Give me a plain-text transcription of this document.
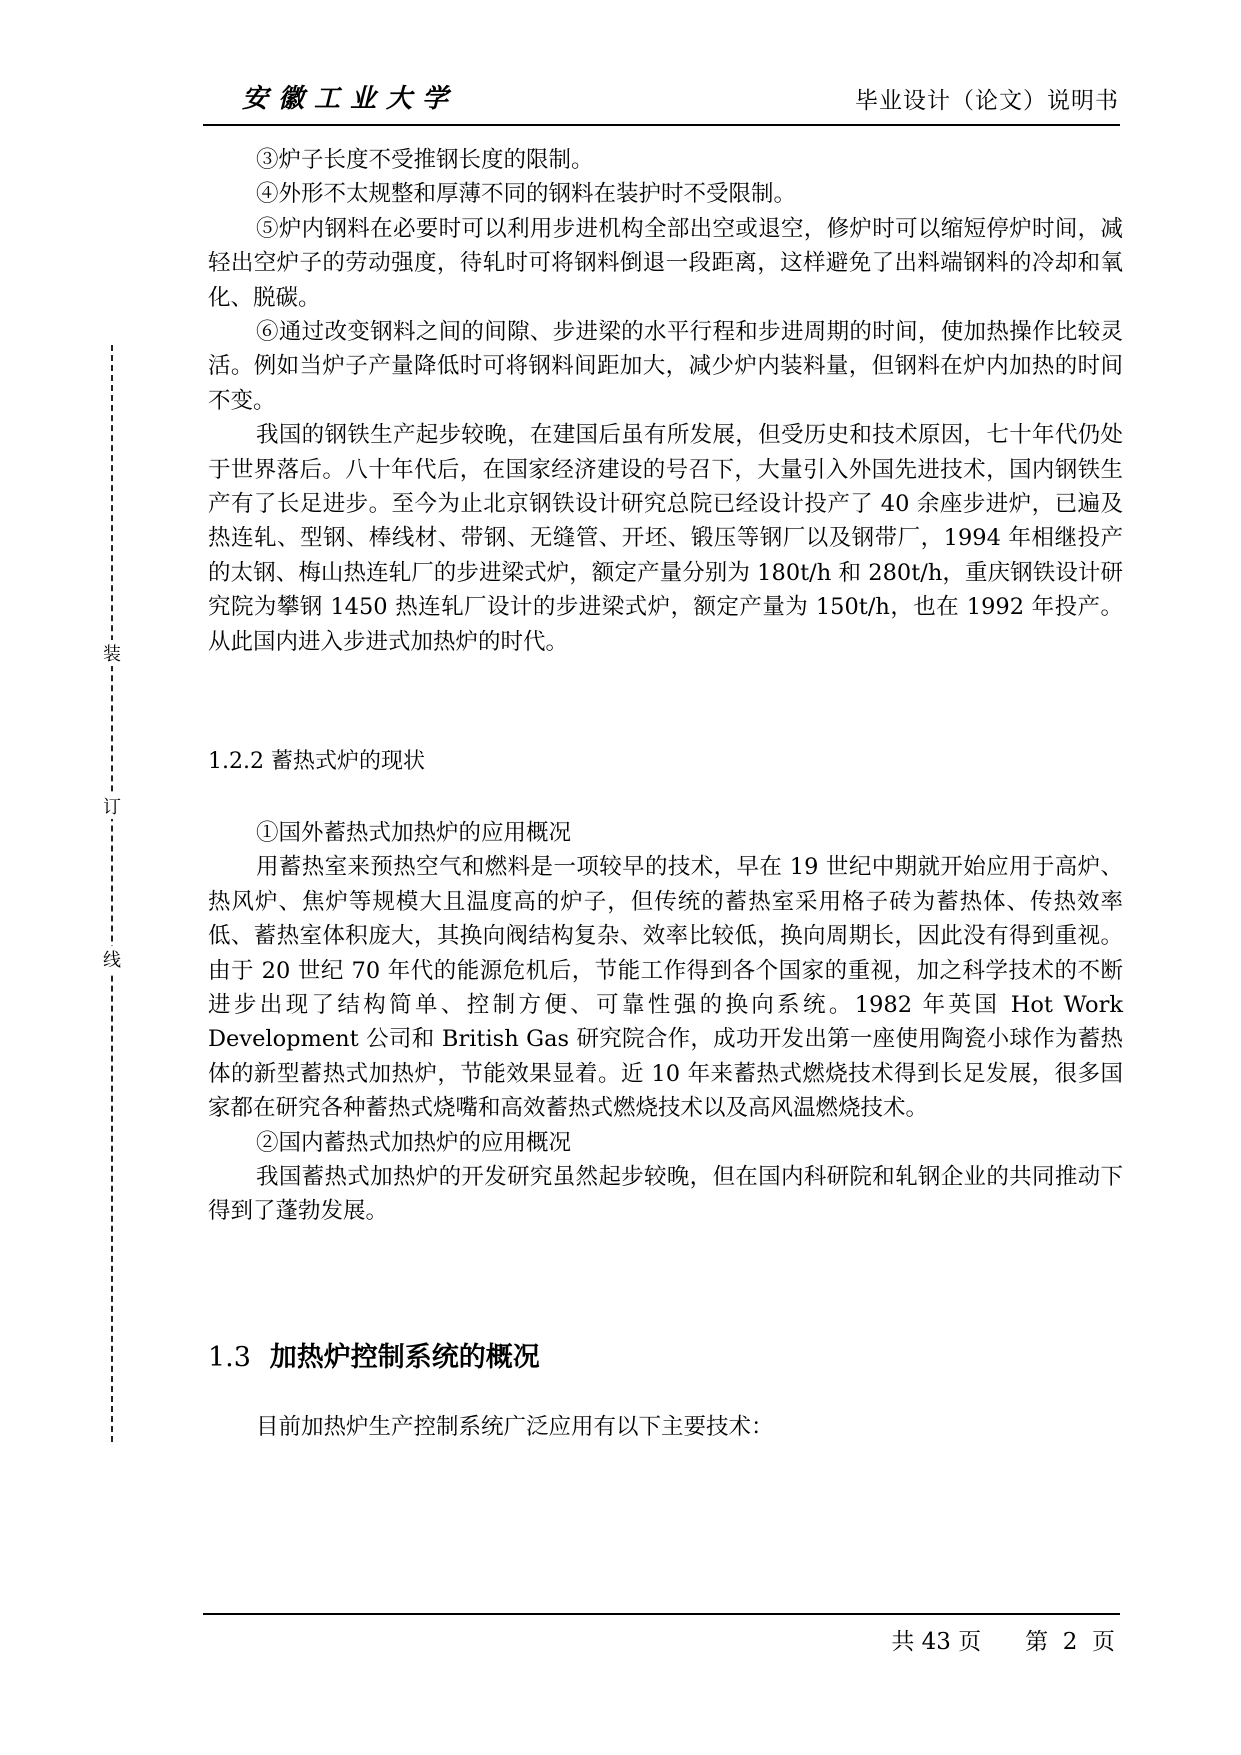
安徽工业大学	毕业设计（论文）说明书
装
订
线

③炉子长度不受推钢长度的限制。

④外形不太规整和厚薄不同的钢料在装护时不受限制。

⑤炉内钢料在必要时可以利用步进机构全部出空或退空，修炉时可以缩短停炉时间，减轻出空炉子的劳动强度，待轧时可将钢料倒退一段距离，这样避免了出料端钢料的冷却和氧化、脱碳。

⑥通过改变钢料之间的间隙、步进梁的水平行程和步进周期的时间，使加热操作比较灵活。例如当炉子产量降低时可将钢料间距加大，减少炉内装料量，但钢料在炉内加热的时间不变。

我国的钢铁生产起步较晚，在建国后虽有所发展，但受历史和技术原因，七十年代仍处于世界落后。八十年代后，在国家经济建设的号召下，大量引入外国先进技术，国内钢铁生产有了长足进步。至今为止北京钢铁设计研究总院已经设计投产了 40 余座步进炉，已遍及热连轧、型钢、棒线材、带钢、无缝管、开坯、锻压等钢厂以及钢带厂，1994 年相继投产的太钢、梅山热连轧厂的步进梁式炉，额定产量分别为 180t/h 和 280t/h，重庆钢铁设计研究院为攀钢 1450 热连轧厂设计的步进梁式炉，额定产量为 150t/h，也在 1992 年投产。从此国内进入步进式加热炉的时代。

1.2.2 蓄热式炉的现状

①国外蓄热式加热炉的应用概况

用蓄热室来预热空气和燃料是一项较早的技术，早在 19 世纪中期就开始应用于高炉、热风炉、焦炉等规模大且温度高的炉子，但传统的蓄热室采用格子砖为蓄热体、传热效率低、蓄热室体积庞大，其换向阀结构复杂、效率比较低，换向周期长，因此没有得到重视。由于 20 世纪 70 年代的能源危机后，节能工作得到各个国家的重视，加之科学技术的不断进步出现了结构简单、控制方便、可靠性强的换向系统。1982 年英国 Hot Work Development 公司和 British Gas 研究院合作，成功开发出第一座使用陶瓷小球作为蓄热体的新型蓄热式加热炉，节能效果显着。近 10 年来蓄热式燃烧技术得到长足发展，很多国家都在研究各种蓄热式烧嘴和高效蓄热式燃烧技术以及高风温燃烧技术。

②国内蓄热式加热炉的应用概况

我国蓄热式加热炉的开发研究虽然起步较晚，但在国内科研院和轧钢企业的共同推动下得到了蓬勃发展。

1.3 加热炉控制系统的概况

目前加热炉生产控制系统广泛应用有以下主要技术：

共 43 页 第  2  页
